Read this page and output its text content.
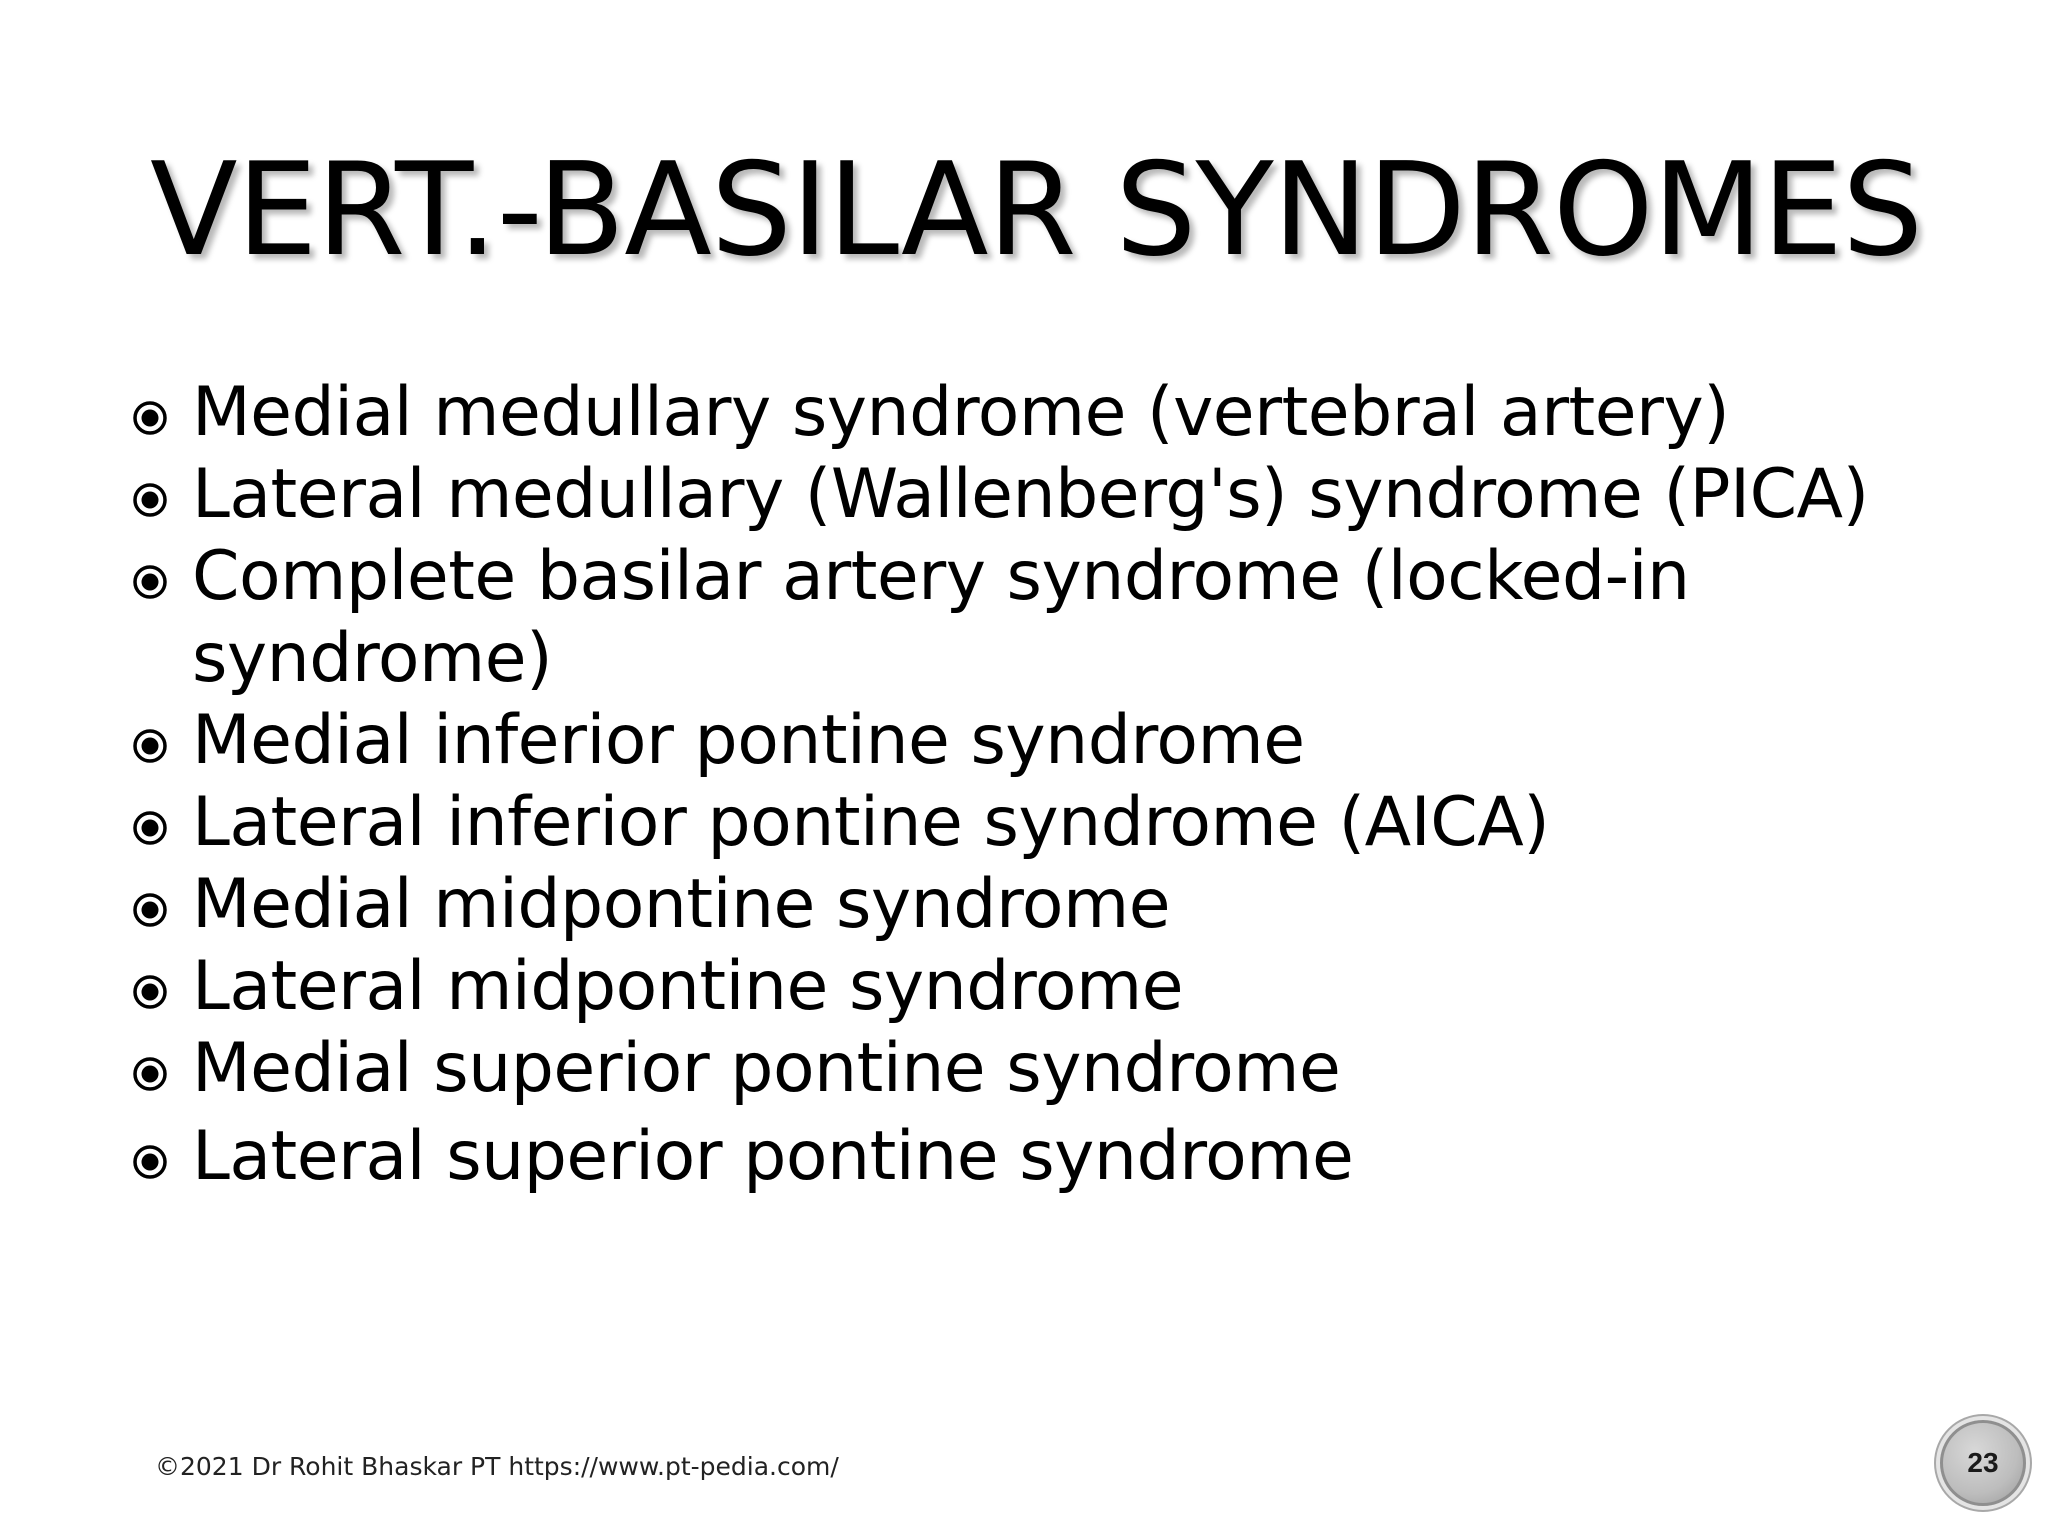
VERT.-BASILAR SYNDROMES
Medial medullary syndrome (vertebral artery)
Lateral medullary (Wallenberg's) syndrome (PICA)
Complete basilar artery syndrome (locked-in syndrome)
Medial inferior pontine syndrome
Lateral inferior pontine syndrome (AICA)
Medial midpontine syndrome
Lateral midpontine syndrome
Medial superior pontine syndrome
Lateral superior pontine syndrome
©2021 Dr Rohit Bhaskar PT https://www.pt-pedia.com/	23
